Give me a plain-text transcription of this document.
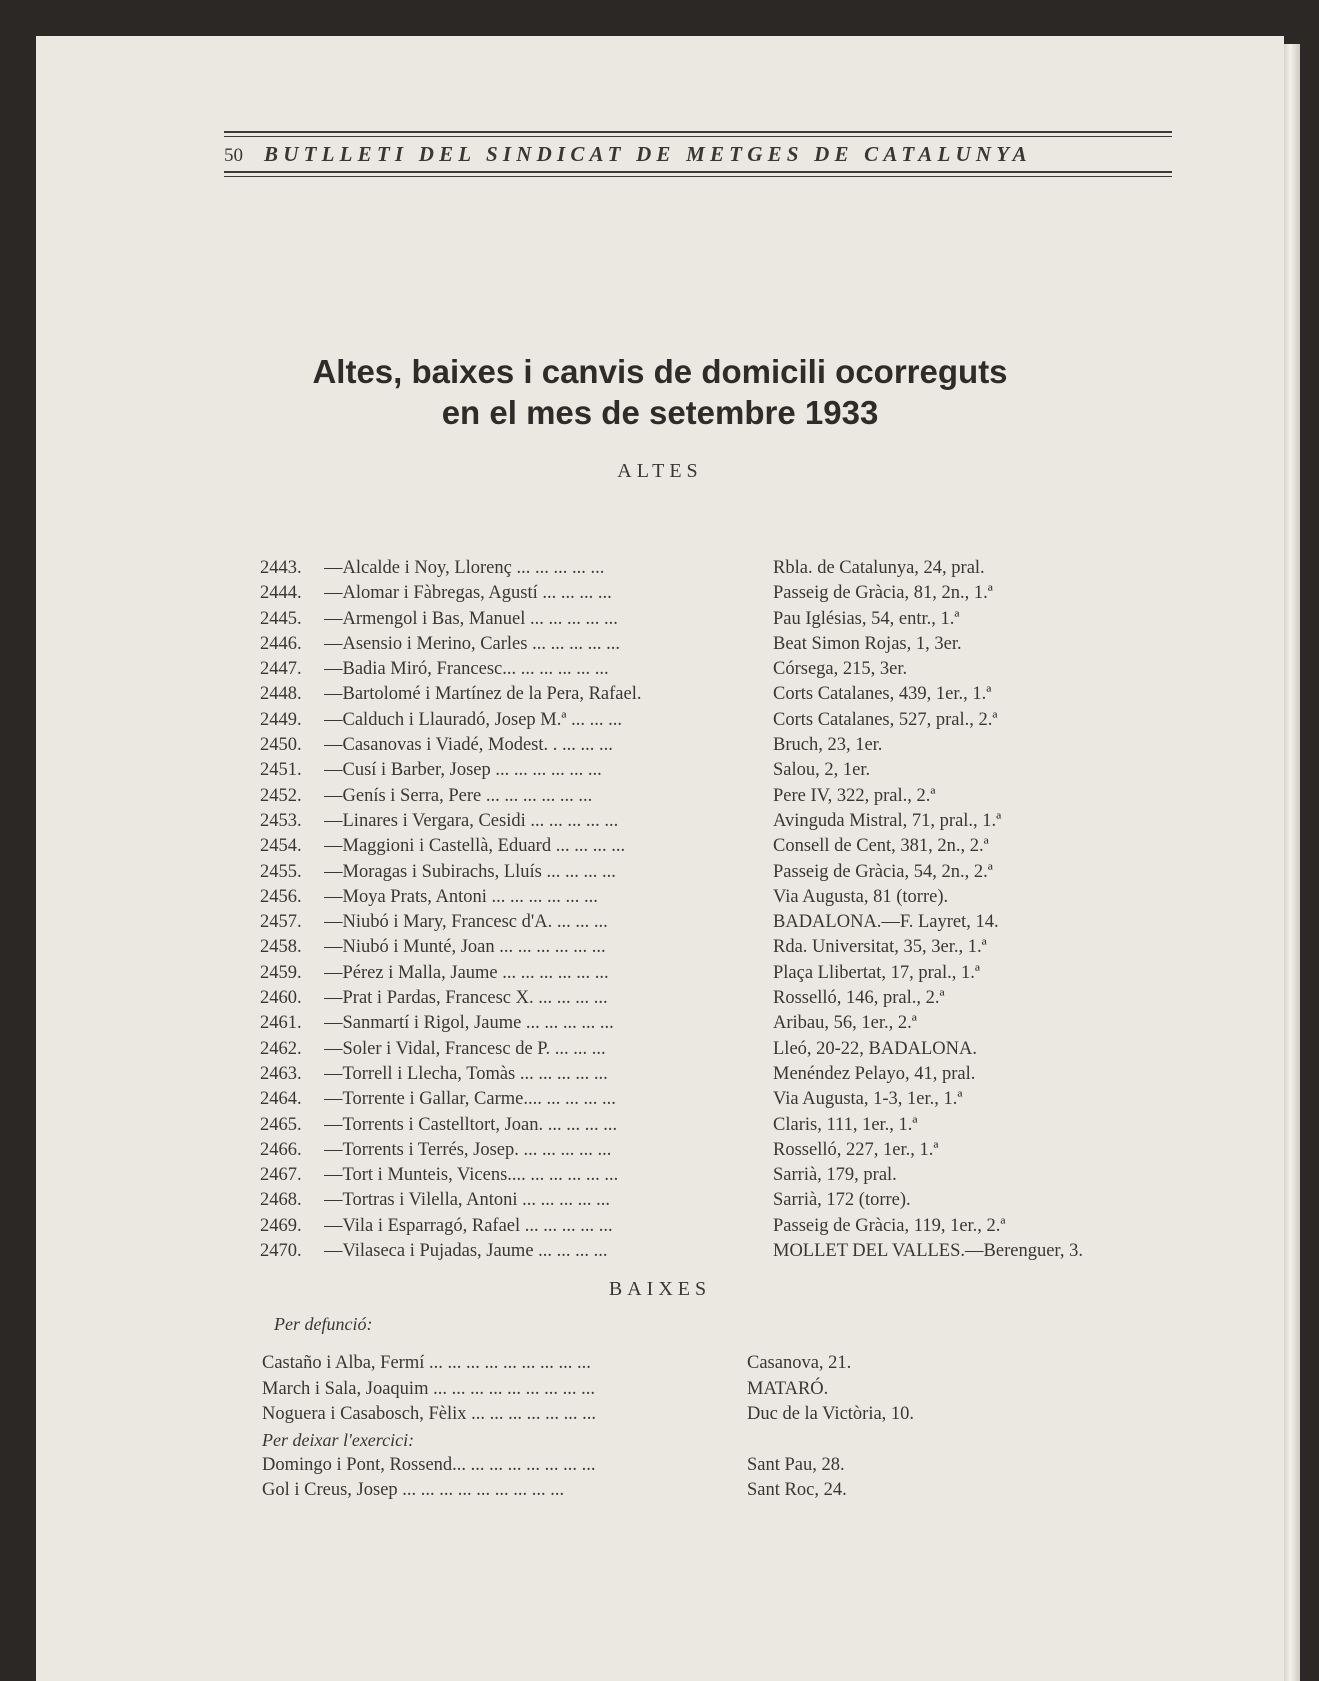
50	BUTLLETI DEL SINDICAT DE METGES DE CATALUNYA
Altes, baixes i canvis de domicili ocorreguts
en el mes de setembre 1933
ALTES
2443.	—Alcalde i Noy, Llorenç ... ... ... ... ...	Rbla. de Catalunya, 24, pral.
2444.	—Alomar i Fàbregas, Agustí ... ... ... ...	Passeig de Gràcia, 81, 2n., 1.ª
2445.	—Armengol i Bas, Manuel ... ... ... ... ...	Pau Iglésias, 54, entr., 1.ª
2446.	—Asensio i Merino, Carles ... ... ... ... ...	Beat Simon Rojas, 1, 3er.
2447.	—Badia Miró, Francesc... ... ... ... ... ...	Córsega, 215, 3er.
2448.	—Bartolomé i Martínez de la Pera, Rafael.	Corts Catalanes, 439, 1er., 1.ª
2449.	—Calduch i Llauradó, Josep M.ª ... ... ...	Corts Catalanes, 527, pral., 2.ª
2450.	—Casanovas i Viadé, Modest. . ... ... ...	Bruch, 23, 1er.
2451.	—Cusí i Barber, Josep ... ... ... ... ... ...	Salou, 2, 1er.
2452.	—Genís i Serra, Pere ... ... ... ... ... ...	Pere IV, 322, pral., 2.ª
2453.	—Linares i Vergara, Cesidi ... ... ... ... ...	Avinguda Mistral, 71, pral., 1.ª
2454.	—Maggioni i Castellà, Eduard ... ... ... ...	Consell de Cent, 381, 2n., 2.ª
2455.	—Moragas i Subirachs, Lluís ... ... ... ...	Passeig de Gràcia, 54, 2n., 2.ª
2456.	—Moya Prats, Antoni ... ... ... ... ... ...	Via Augusta, 81 (torre).
2457.	—Niubó i Mary, Francesc d'A. ... ... ...	BADALONA.—F. Layret, 14.
2458.	—Niubó i Munté, Joan ... ... ... ... ... ...	Rda. Universitat, 35, 3er., 1.ª
2459.	—Pérez i Malla, Jaume ... ... ... ... ... ...	Plaça Llibertat, 17, pral., 1.ª
2460.	—Prat i Pardas, Francesc X. ... ... ... ...	Rosselló, 146, pral., 2.ª
2461.	—Sanmartí i Rigol, Jaume ... ... ... ... ...	Aribau, 56, 1er., 2.ª
2462.	—Soler i Vidal, Francesc de P. ... ... ...	Lleó, 20-22, BADALONA.
2463.	—Torrell i Llecha, Tomàs ... ... ... ... ...	Menéndez Pelayo, 41, pral.
2464.	—Torrente i Gallar, Carme.... ... ... ... ...	Via Augusta, 1-3, 1er., 1.ª
2465.	—Torrents i Castelltort, Joan. ... ... ... ...	Claris, 111, 1er., 1.ª
2466.	—Torrents i Terrés, Josep. ... ... ... ... ...	Rosselló, 227, 1er., 1.ª
2467.	—Tort i Munteis, Vicens.... ... ... ... ... ...	Sarrià, 179, pral.
2468.	—Tortras i Vilella, Antoni ... ... ... ... ...	Sarrià, 172 (torre).
2469.	—Vila i Esparragó, Rafael ... ... ... ... ...	Passeig de Gràcia, 119, 1er., 2.ª
2470.	—Vilaseca i Pujadas, Jaume ... ... ... ...	MOLLET DEL VALLES.—Berenguer, 3.
BAIXES
Per defunció:
Castaño i Alba, Fermí ... ... ... ... ... ... ... ... ...	Casanova, 21.
March i Sala, Joaquim ... ... ... ... ... ... ... ... ...	MATARÓ.
Noguera i Casabosch, Fèlix ... ... ... ... ... ... ...	Duc de la Victòria, 10.
Per deixar l'exercici:
Domingo i Pont, Rossend... ... ... ... ... ... ... ...	Sant Pau, 28.
Gol i Creus, Josep ... ... ... ... ... ... ... ... ...	Sant Roc, 24.
